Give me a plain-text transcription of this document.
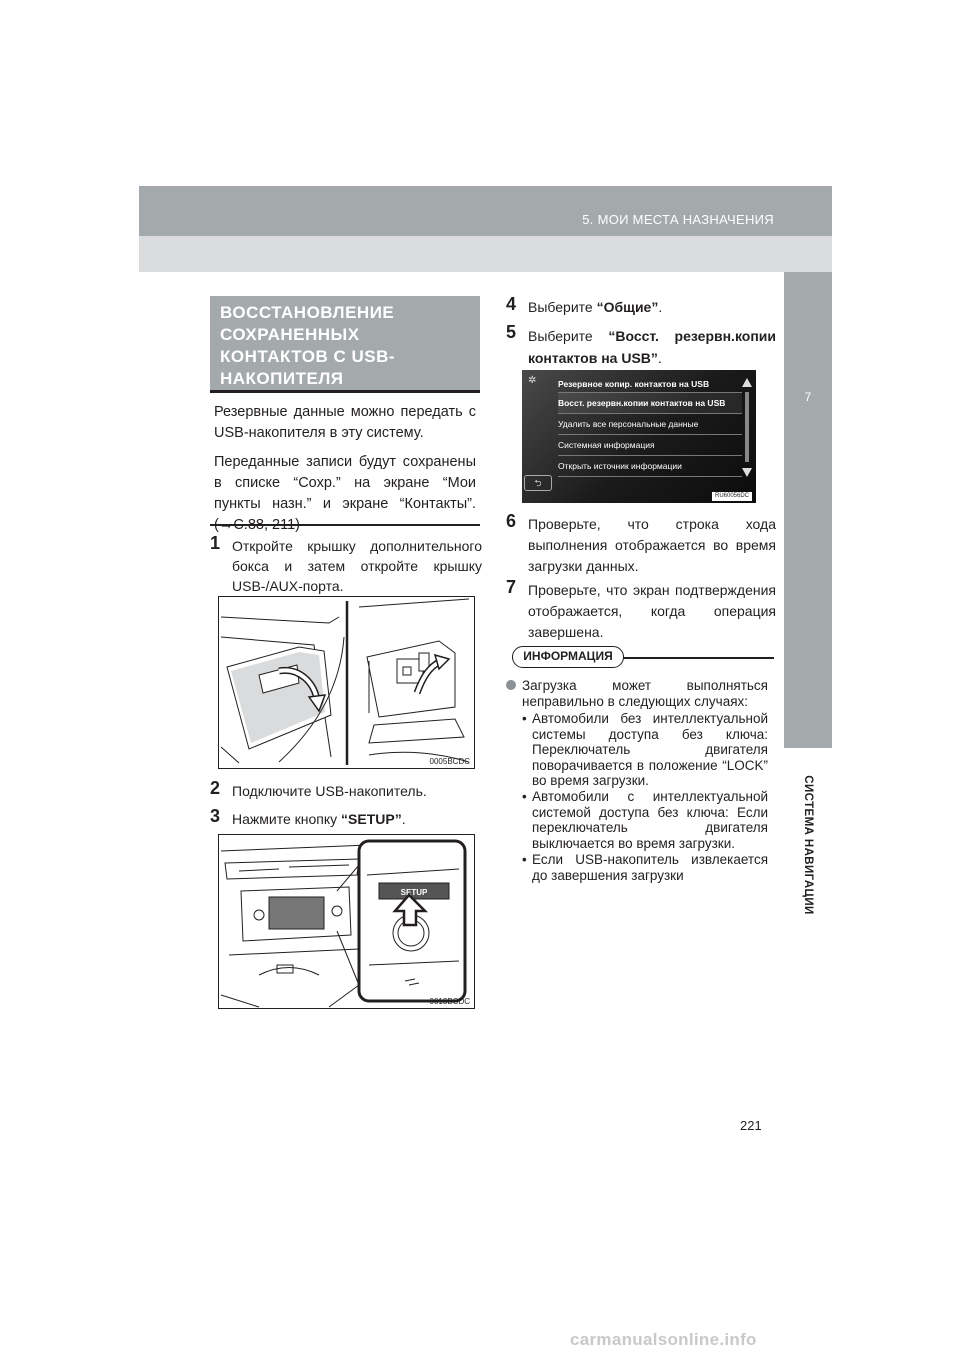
5. МОИ МЕСТА НАЗНАЧЕНИЯ
7
СИСТЕМА НАВИГАЦИИ
ВОССТАНОВЛЕНИЕ
СОХРАНЕННЫХ
КОНТАКТОВ С USB-
НАКОПИТЕЛЯ

Резервные данные можно передать с USB-накопителя в эту систему.

Переданные записи будут сохранены в списке “Сохр.” на экране “Мои пункты назн.” и экране “Контакты”. (→С.88, 211)

1 Откройте крышку дополнительного бокса и затем откройте крышку USB-/AUX-порта.
0005BCDC
2 Подключите USB-накопитель.
3 Нажмите кнопку “SETUP”.
SETUP
0013BCDC
4 Выберите “Общие”.
5 Выберите “Восст. резервн.копии контактов на USB”.
✲	Резервное копир. контактов на USB
Восст. резервн.копии контактов на USB
Удалить все персональные данные
Системная информация
Открыть источник информации
⮌
RU60056DC
6 Проверьте, что строка хода выполнения отображается во время загрузки данных.
7 Проверьте, что экран подтверждения отображается, когда операция завершена.
ИНФОРМАЦИЯ
Загрузка может выполняться неправильно в следующих случаях:
• Автомобили без интеллектуальной системы доступа без ключа: Переключатель двигателя поворачивается в положение “LOCK” во время загрузки.
• Автомобили с интеллектуальной системой доступа без ключа: Если переключатель двигателя выключается во время загрузки.
• Если USB-накопитель извлекается до завершения загрузки
221
carmanualsonline.info
